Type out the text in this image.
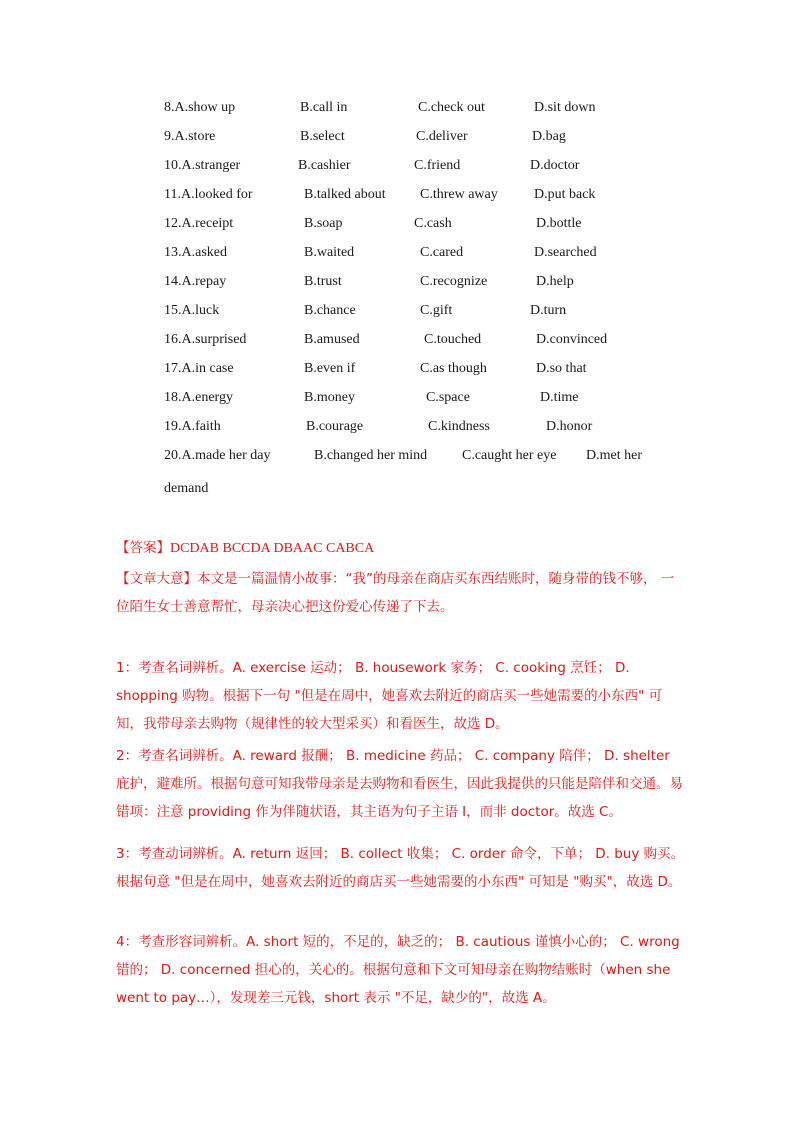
8.A.show up	B.call in	C.check out	D.sit down
9.A.store	B.select	C.deliver	D.bag
10.A.stranger	B.cashier	C.friend	D.doctor
11.A.looked for	B.talked about C.threw away	D.put back
12.A.receipt	B.soap	C.cash	D.bottle
13.A.asked	B.waited	C.cared	D.searched
14.A.repay	B.trust	C.recognize	D.help
15.A.luck	B.chance	C.gift	D.turn
16.A.surprised	B.amused	C.touched	D.convinced
17.A.in case	B.even if	C.as though	D.so that
18.A.energy	B.money	C.space	D.time
19.A.faith	B.courage	C.kindness	D.honor
20.A.made her day	B.changed her mind C.caught her eye D.met her
demand
【答案】DCDAB BCCDA DBAAC CABCA
【文章大意】本文是一篇温情小故事：“我”的母亲在商店买东西结账时，随身带的钱不够， 一位陌生女士善意帮忙，母亲决心把这份爱心传递了下去。
1：考查名词辨析。A. exercise 运动； B. housework 家务； C. cooking 烹饪； D. shopping 购物。根据下一句 "但是在周中，她喜欢去附近的商店买一些她需要的小东西" 可知，我带母亲去购物（规律性的较大型采买）和看医生，故选 D。
2：考查名词辨析。A. reward 报酬； B. medicine 药品； C. company 陪伴； D. shelter 庇护，避难所。根据句意可知我带母亲是去购物和看医生，因此我提供的只能是陪伴和交通。易错项：注意 providing 作为伴随状语，其主语为句子主语 I，而非 doctor。故选 C。
3：考查动词辨析。A. return 返回； B. collect 收集； C. order 命令，下单； D. buy 购买。根据句意 "但是在周中，她喜欢去附近的商店买一些她需要的小东西" 可知是 "购买"，故选 D。
4：考查形容词辨析。A. short 短的，不足的，缺乏的； B. cautious 谨慎小心的； C. wrong 错的； D. concerned 担心的，关心的。根据句意和下文可知母亲在购物结账时（when she went to pay…），发现差三元钱，short 表示 "不足，缺少的"，故选 A。
